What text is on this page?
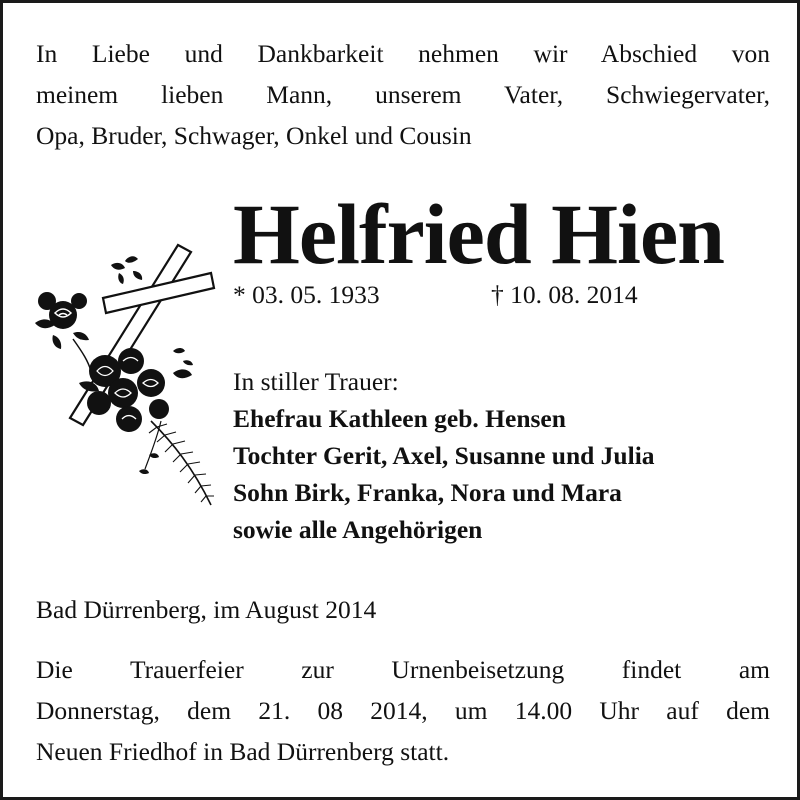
In Liebe und Dankbarkeit nehmen wir Abschied von
meinem lieben Mann, unserem Vater, Schwiegervater,
Opa, Bruder, Schwager, Onkel und Cousin
Helfried Hien
* 03. 05. 1933	† 10. 08. 2014
In stiller Trauer:
Ehefrau Kathleen geb. Hensen
Tochter Gerit, Axel, Susanne und Julia
Sohn Birk, Franka, Nora und Mara
sowie alle Angehörigen
Bad Dürrenberg, im August 2014
Die Trauerfeier zur Urnenbeisetzung findet am
Donnerstag, dem 21. 08 2014, um 14.00 Uhr auf dem
Neuen Friedhof in Bad Dürrenberg statt.
